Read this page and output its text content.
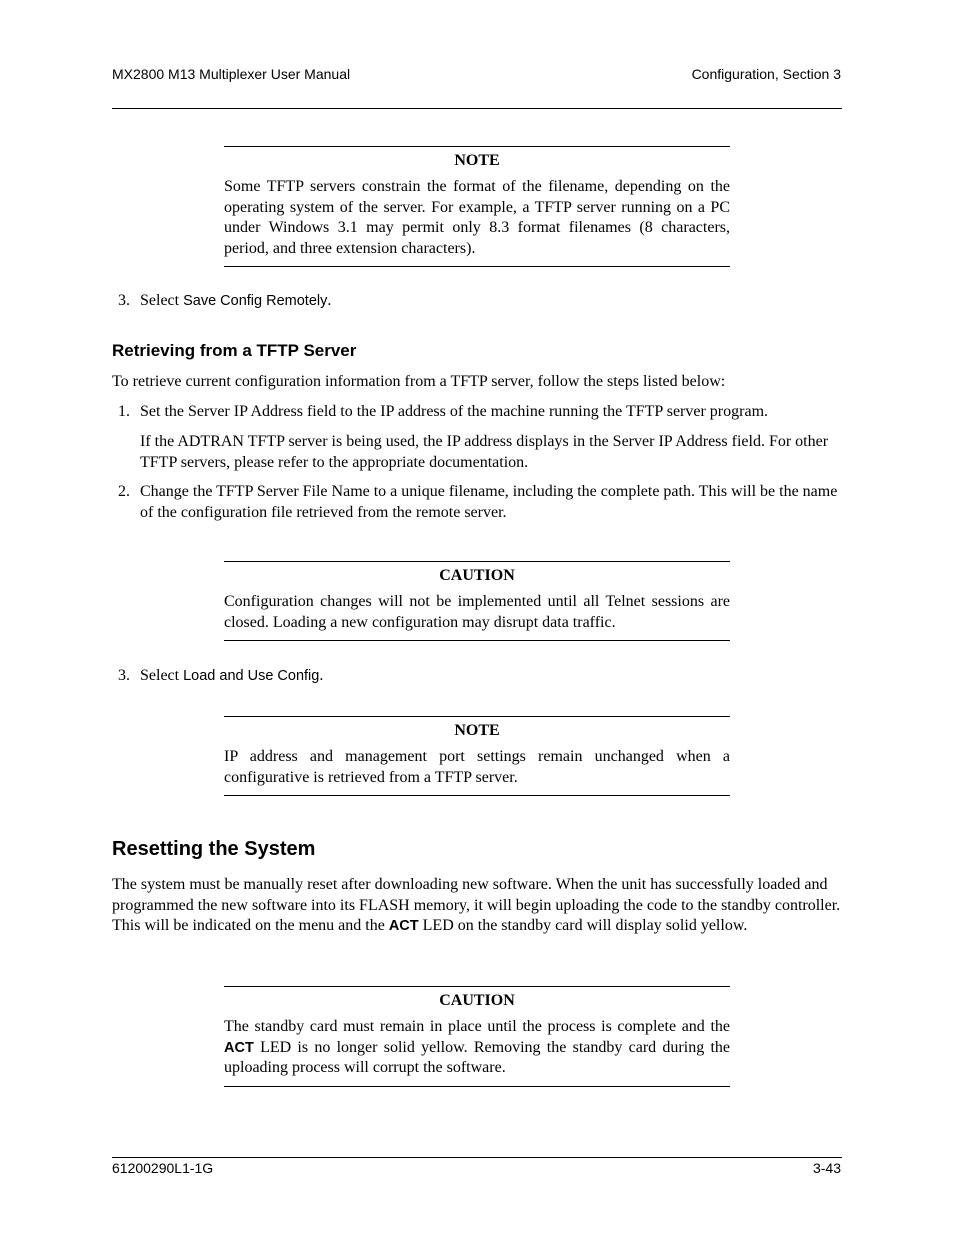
MX2800 M13 Multiplexer User Manual	Configuration, Section 3
NOTE
Some TFTP servers constrain the format of the filename, depending on the operating system of the server. For example, a TFTP server running on a PC under Windows 3.1 may permit only 8.3 format filenames (8 characters, period, and three extension characters).
3. Select Save Config Remotely.
Retrieving from a TFTP Server
To retrieve current configuration information from a TFTP server, follow the steps listed below:
1. Set the Server IP Address field to the IP address of the machine running the TFTP server program.
If the ADTRAN TFTP server is being used, the IP address displays in the Server IP Address field. For other TFTP servers, please refer to the appropriate documentation.
2. Change the TFTP Server File Name to a unique filename, including the complete path. This will be the name of the configuration file retrieved from the remote server.
CAUTION
Configuration changes will not be implemented until all Telnet sessions are closed. Loading a new configuration may disrupt data traffic.
3. Select Load and Use Config.
NOTE
IP address and management port settings remain unchanged when a configurative is retrieved from a TFTP server.
Resetting the System
The system must be manually reset after downloading new software. When the unit has successfully loaded and programmed the new software into its FLASH memory, it will begin uploading the code to the standby controller. This will be indicated on the menu and the ACT LED on the standby card will display solid yellow.
CAUTION
The standby card must remain in place until the process is complete and the ACT LED is no longer solid yellow. Removing the standby card during the uploading process will corrupt the software.
61200290L1-1G	3-43
